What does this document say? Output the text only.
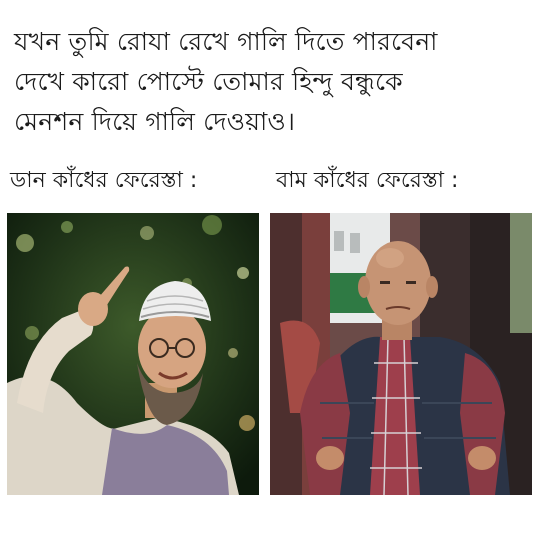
যখন তুমি রোযা রেখে গালি দিতে পারবেনা
দেখে কারো পোস্টে তোমার হিন্দু বন্ধুকে
মেনশন দিয়ে গালি দেওয়াও।
ডান কাঁধের ফেরেস্তা :	বাম কাঁধের ফেরেস্তা :
